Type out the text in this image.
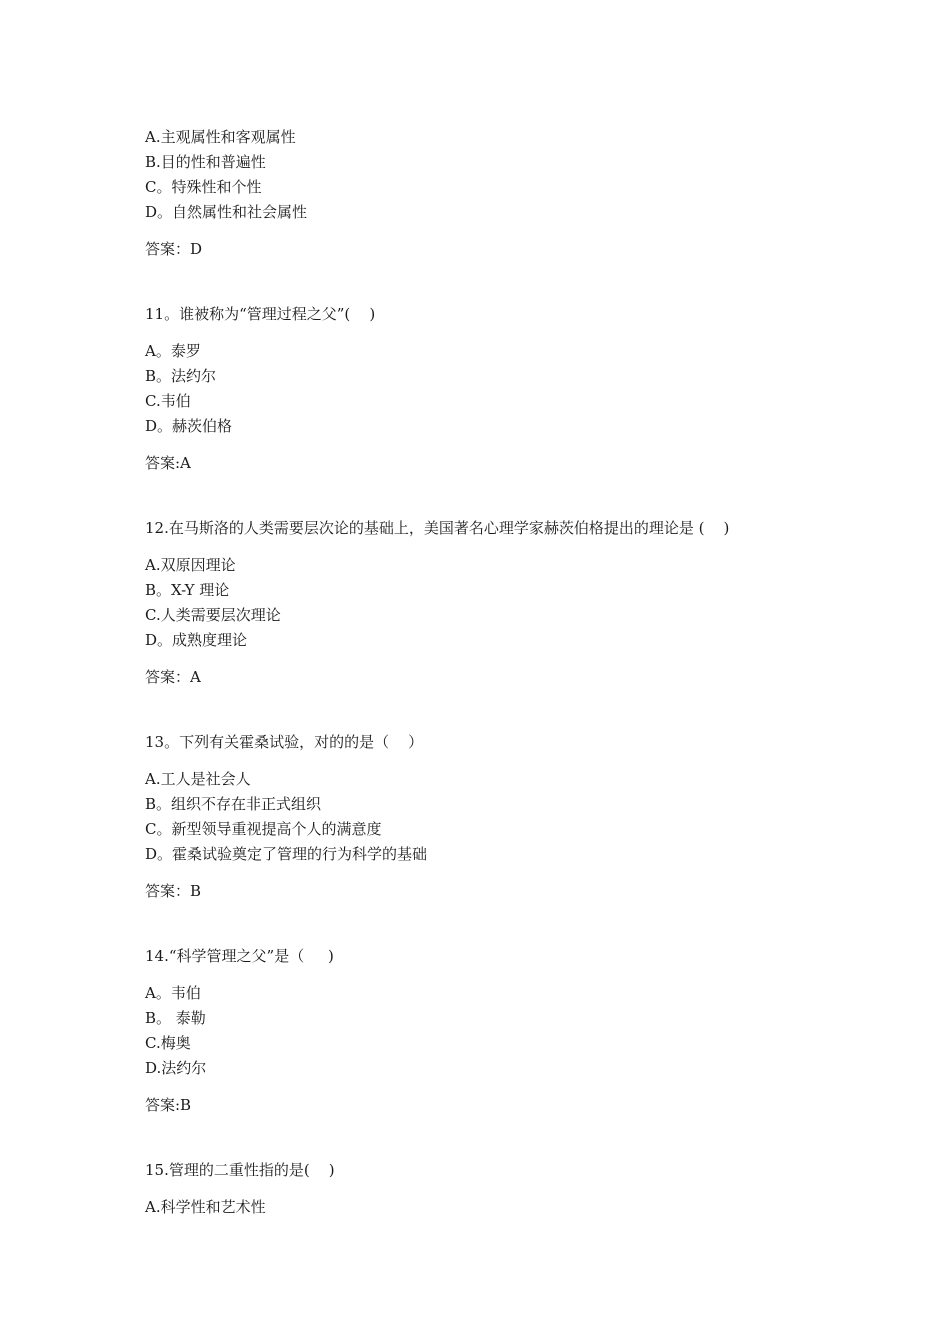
A.主观属性和客观属性
B.目的性和普遍性
C。特殊性和个性
D。自然属性和社会属性
答案：D
11。谁被称为“管理过程之父”(    )
A。泰罗
B。法约尔
C.韦伯
D。赫茨伯格
答案:A
12.在马斯洛的人类需要层次论的基础上，美国著名心理学家赫茨伯格提出的理论是 (    )
A.双原因理论
B。X-Y 理论
C.人类需要层次理论
D。成熟度理论
答案：A
13。下列有关霍桑试验，对的的是（    ）
A.工人是社会人
B。组织不存在非正式组织
C。新型领导重视提高个人的满意度
D。霍桑试验奠定了管理的行为科学的基础
答案：B
14.“科学管理之父”是（     )
A。韦伯
B。 泰勒
C.梅奥
D.法约尔
答案:B
15.管理的二重性指的是(    )
A.科学性和艺术性
